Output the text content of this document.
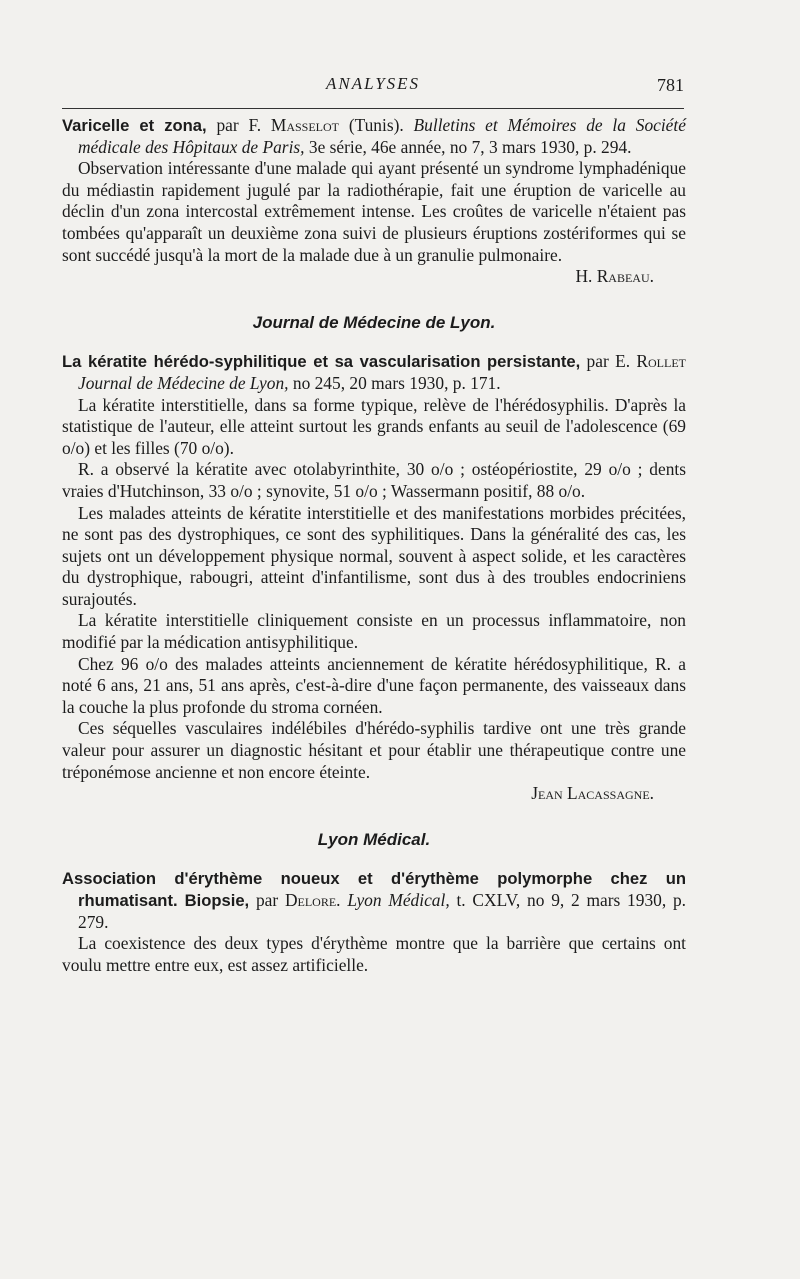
ANALYSES	781

Varicelle et zona, par F. Masselot (Tunis). Bulletins et Mémoires de la Société médicale des Hôpitaux de Paris, 3e série, 46e année, no 7, 3 mars 1930, p. 294.

Observation intéressante d'une malade qui ayant présenté un syndrome lymphadénique du médiastin rapidement jugulé par la radiothérapie, fait une éruption de varicelle au déclin d'un zona intercostal extrêmement intense. Les croûtes de varicelle n'étaient pas tombées qu'apparaît un deuxième zona suivi de plusieurs éruptions zostériformes qui se sont succédé jusqu'à la mort de la malade due à un granulie pulmonaire.

H. Rabeau.

Journal de Médecine de Lyon.

La kératite hérédo-syphilitique et sa vascularisation persistante, par E. Rollet Journal de Médecine de Lyon, no 245, 20 mars 1930, p. 171.

La kératite interstitielle, dans sa forme typique, relève de l'hérédosyphilis. D'après la statistique de l'auteur, elle atteint surtout les grands enfants au seuil de l'adolescence (69 o/o) et les filles (70 o/o).

R. a observé la kératite avec otolabyrinthite, 30 o/o ; ostéopériostite, 29 o/o ; dents vraies d'Hutchinson, 33 o/o ; synovite, 51 o/o ; Wassermann positif, 88 o/o.

Les malades atteints de kératite interstitielle et des manifestations morbides précitées, ne sont pas des dystrophiques, ce sont des syphilitiques. Dans la généralité des cas, les sujets ont un développement physique normal, souvent à aspect solide, et les caractères du dystrophique, rabougri, atteint d'infantilisme, sont dus à des troubles endocriniens surajoutés.

La kératite interstitielle cliniquement consiste en un processus inflammatoire, non modifié par la médication antisyphilitique.

Chez 96 o/o des malades atteints anciennement de kératite hérédosyphilitique, R. a noté 6 ans, 21 ans, 51 ans après, c'est-à-dire d'une façon permanente, des vaisseaux dans la couche la plus profonde du stroma cornéen.

Ces séquelles vasculaires indélébiles d'hérédo-syphilis tardive ont une très grande valeur pour assurer un diagnostic hésitant et pour établir une thérapeutique contre une tréponémose ancienne et non encore éteinte.

Jean Lacassagne.

Lyon Médical.

Association d'érythème noueux et d'érythème polymorphe chez un rhumatisant. Biopsie, par Delore. Lyon Médical, t. CXLV, no 9, 2 mars 1930, p. 279.

La coexistence des deux types d'érythème montre que la barrière que certains ont voulu mettre entre eux, est assez artificielle.
